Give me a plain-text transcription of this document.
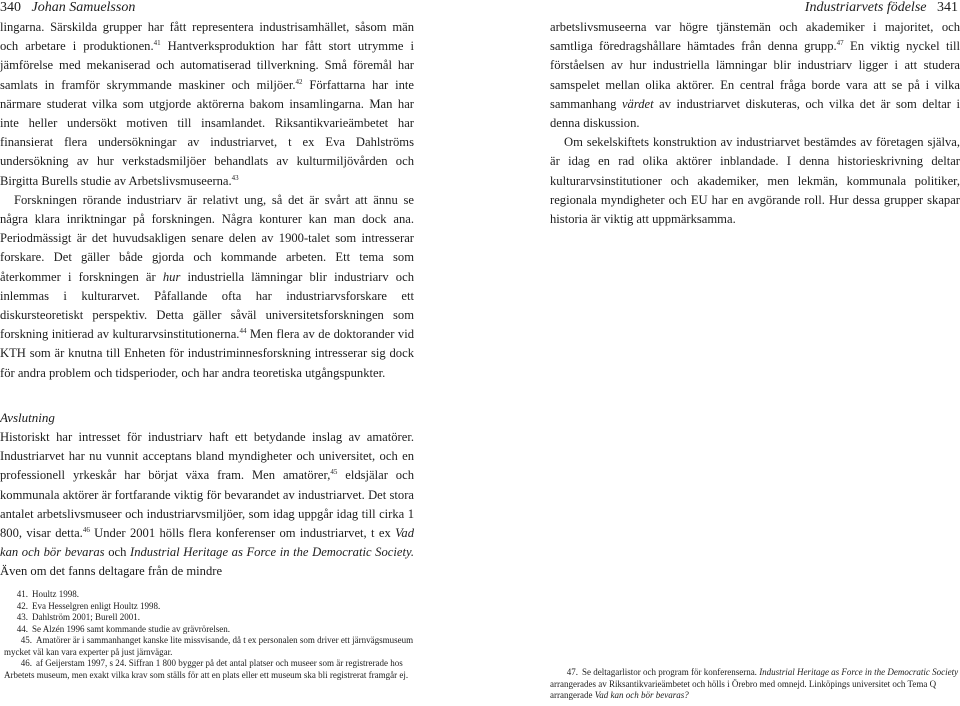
340 Johan Samuelsson	Industriarvets födelse 341

lingarna. Särskilda grupper har fått representera industrisamhället, såsom män och arbetare i produktionen.$^{41}$ Hantverksproduktion har fått stort utrymme i jämförelse med mekaniserad och automatiserad tillverkning. Små föremål har samlats in framför skrymmande maskiner och miljöer.$^{42}$ Författarna har inte närmare studerat vilka som utgjorde aktörerna bakom insamlingarna. Man har inte heller undersökt motiven till insamlandet. Riksantikvarieämbetet har finansierat flera undersökningar av industriarvet, t ex Eva Dahlströms undersökning av hur verkstadsmiljöer behandlats av kulturmiljövården och Birgitta Burells studie av Arbetslivsmuseerna.$^{43}$

Forskningen rörande industriarv är relativt ung, så det är svårt att ännu se några klara inriktningar på forskningen. Några konturer kan man dock ana. Periodmässigt är det huvudsakligen senare delen av 1900-talet som intresserar forskare. Det gäller både gjorda och kommande arbeten. Ett tema som återkommer i forskningen är hur industriella lämningar blir industriarv och inlemmas i kulturarvet. Påfallande ofta har industriarvsforskare ett diskursteoretiskt perspektiv. Detta gäller såväl universitetsforskningen som forskning initierad av kulturarvsinstitutionerna.$^{44}$ Men flera av de doktorander vid KTH som är knutna till Enheten för industriminnesforskning intresserar sig dock för andra problem och tidsperioder, och har andra teoretiska utgångspunkter.

Avslutning

Historiskt har intresset för industriarv haft ett betydande inslag av amatörer. Industriarvet har nu vunnit acceptans bland myndigheter och universitet, och en professionell yrkeskår har börjat växa fram. Men amatörer,$^{45}$ eldsjälar och kommunala aktörer är fortfarande viktig för bevarandet av industriarvet. Det stora antalet arbetslivsmuseer och industriarvsmiljöer, som idag uppgår idag till cirka 1 800, visar detta.$^{46}$ Under 2001 hölls flera konferenser om industriarvet, t ex Vad kan och bör bevaras och Industrial Heritage as Force in the Democratic Society. Även om det fanns deltagare från de mindre

arbetslivsmuseerna var högre tjänstemän och akademiker i majoritet, och samtliga föredragshållare hämtades från denna grupp.$^{47}$ En viktig nyckel till förståelsen av hur industriella lämningar blir industriarv ligger i att studera samspelet mellan olika aktörer. En central fråga borde vara att se på i vilka sammanhang värdet av industriarvet diskuteras, och vilka det är som deltar i denna diskussion.

Om sekelskiftets konstruktion av industriarvet bestämdes av företagen själva, är idag en rad olika aktörer inblandade. I denna historieskrivning deltar kulturarvsinstitutioner och akademiker, men lekmän, kommunala politiker, regionala myndigheter och EU har en avgörande roll. Hur dessa grupper skapar historia är viktig att uppmärksamma.

41. Houltz 1998.

42. Eva Hesselgren enligt Houltz 1998.

43. Dahlström 2001; Burell 2001.

44. Se Alzén 1996 samt kommande studie av grävrörelsen.

45. Amatörer är i sammanhanget kanske lite missvisande, då t ex personalen som driver ett järnvägsmuseum mycket väl kan vara experter på just järnvägar.

46. af Geijerstam 1997, s 24. Siffran 1 800 bygger på det antal platser och museer som är registrerade hos Arbetets museum, men exakt vilka krav som ställs för att en plats eller ett museum ska bli registrerat framgår ej.	47. Se deltagarlistor och program för konferenserna. Industrial Heritage as Force in the Democratic Society arrangerades av Riksantikvarieämbetet och hölls i Örebro med omnejd. Linköpings universitet och Tema Q arrangerade Vad kan och bör bevaras?
